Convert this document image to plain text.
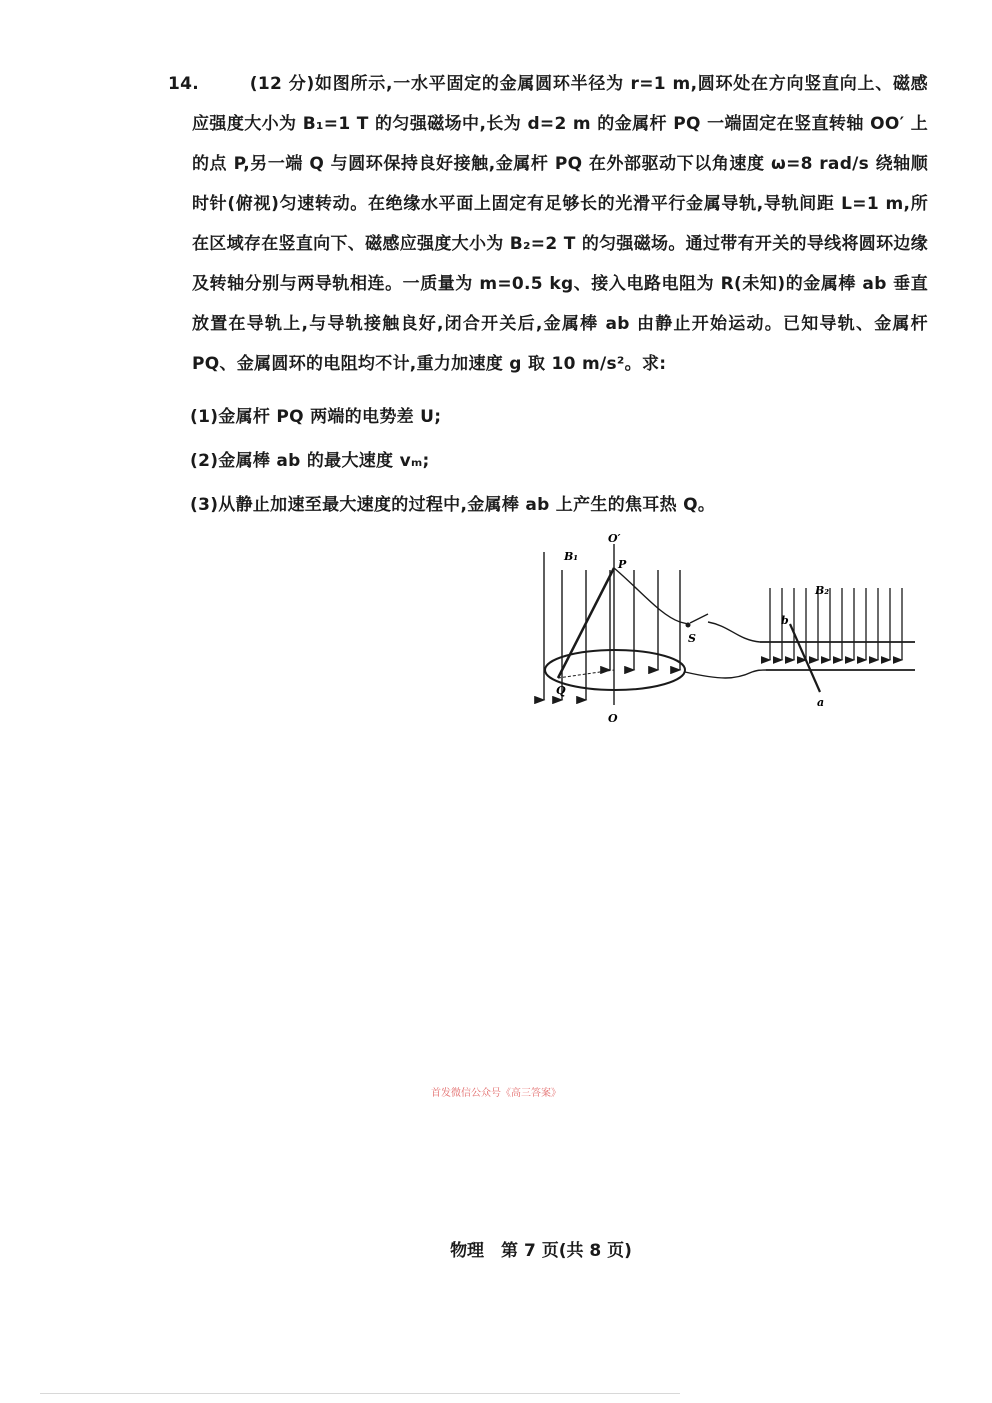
14.	(12 分)如图所示,一水平固定的金属圆环半径为 r=1 m,圆环处在方向竖直向上、磁感应强度大小为 B₁=1 T 的匀强磁场中,长为 d=2 m 的金属杆 PQ 一端固定在竖直转轴 OO′ 上的点 P,另一端 Q 与圆环保持良好接触,金属杆 PQ 在外部驱动下以角速度 ω=8 rad/s 绕轴顺时针(俯视)匀速转动。在绝缘水平面上固定有足够长的光滑平行金属导轨,导轨间距 L=1 m,所在区域存在竖直向下、磁感应强度大小为 B₂=2 T 的匀强磁场。通过带有开关的导线将圆环边缘及转轴分别与两导轨相连。一质量为 m=0.5 kg、接入电路电阻为 R(未知)的金属棒 ab 垂直放置在导轨上,与导轨接触良好,闭合开关后,金属棒 ab 由静止开始运动。已知导轨、金属杆 PQ、金属圆环的电阻均不计,重力加速度 g 取 10 m/s²。求:
(1)金属杆 PQ 两端的电势差 U;
(2)金属棒 ab 的最大速度 vₘ;
(3)从静止加速至最大速度的过程中,金属棒 ab 上产生的焦耳热 Q。
O′
P
B₁
Q
O
S
B₂
b
a
首发微信公众号《高三答案》
物理　第 7 页(共 8 页)
